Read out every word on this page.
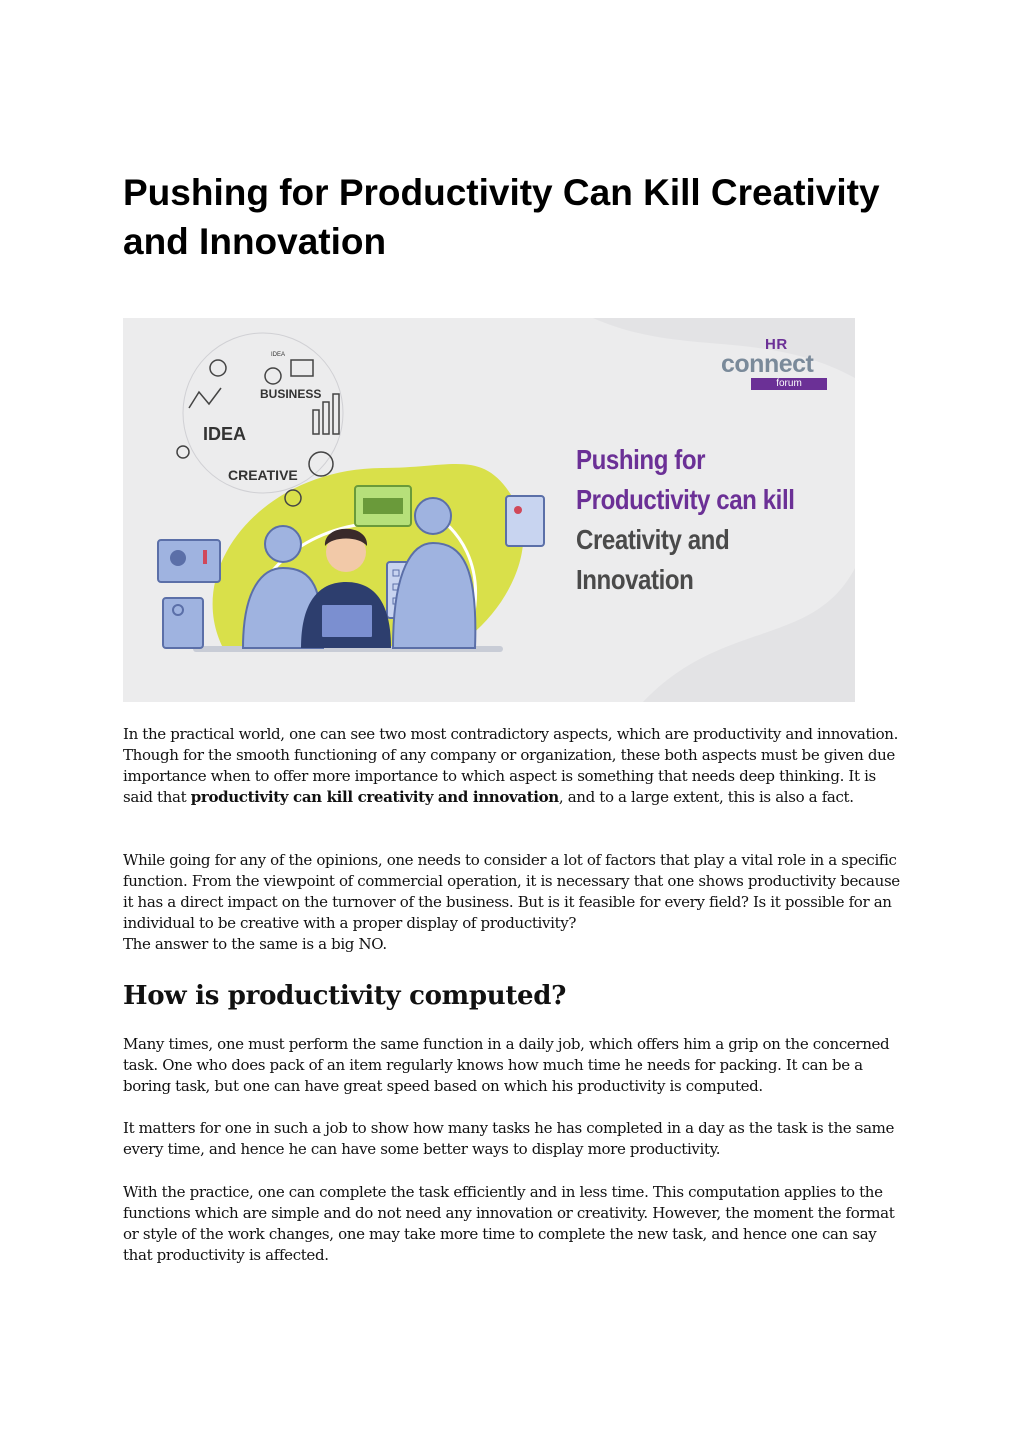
Pushing for Productivity Can Kill Creativity and Innovation
BUSINESS
IDEA
CREATIVE
IDEA
HR
connect
forum
Pushing for
Productivity can kill
Creativity and
Innovation

In the practical world, one can see two most contradictory aspects, which are productivity and innovation. Though for the smooth functioning of any company or organization, these both aspects must be given due importance when to offer more importance to which aspect is something that needs deep thinking. It is said that productivity can kill creativity and innovation, and to a large extent, this is also a fact.

While going for any of the opinions, one needs to consider a lot of factors that play a vital role in a specific function. From the viewpoint of commercial operation, it is necessary that one shows productivity because it has a direct impact on the turnover of the business. But is it feasible for every field? Is it possible for an individual to be creative with a proper display of productivity?
The answer to the same is a big NO.

How is productivity computed?

Many times, one must perform the same function in a daily job, which offers him a grip on the concerned task. One who does pack of an item regularly knows how much time he needs for packing. It can be a boring task, but one can have great speed based on which his productivity is computed.

It matters for one in such a job to show how many tasks he has completed in a day as the task is the same every time, and hence he can have some better ways to display more productivity.

With the practice, one can complete the task efficiently and in less time. This computation applies to the functions which are simple and do not need any innovation or creativity. However, the moment the format or style of the work changes, one may take more time to complete the new task, and hence one can say that productivity is affected.
